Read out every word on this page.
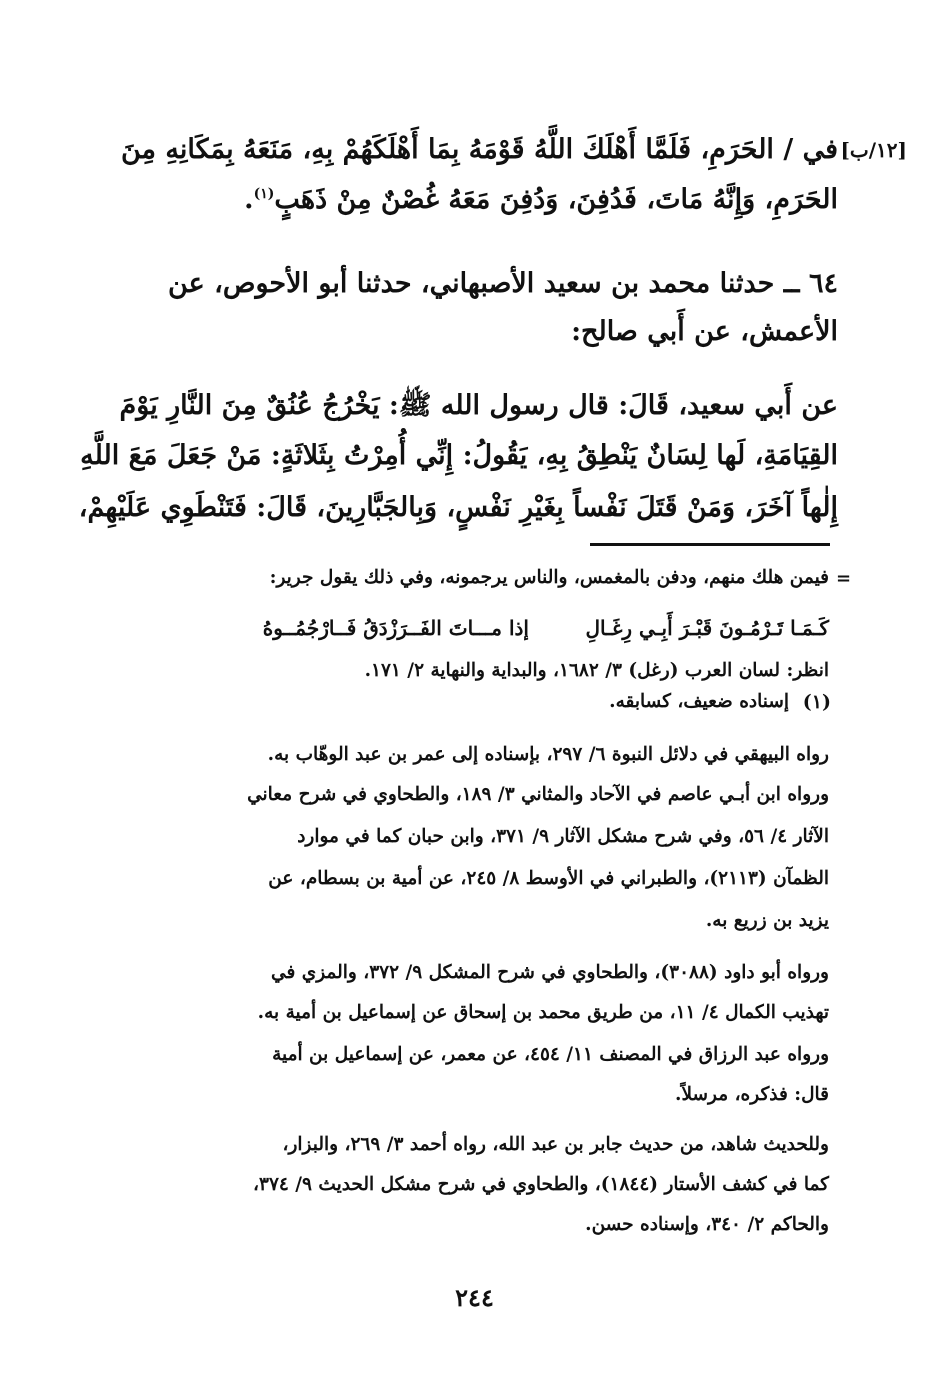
[١٢/ب]
في / الحَرَمِ، فَلَمَّا أَهْلَكَ اللَّهُ قَوْمَهُ بِمَا أَهْلَكَهُمْ بِهِ، مَنَعَهُ بِمَكَانِهِ مِنَ
الحَرَمِ، وَإِنَّهُ مَاتَ، فَدُفِنَ، وَدُفِنَ مَعَهُ غُصْنٌ مِنْ ذَهَبٍ$^{(١)}$.
٦٤ ــ حدثنا محمد بن سعيد الأصبهاني، حدثنا أبو الأحوص، عن
الأعمش، عن أَبي صالح:
عن أَبي سعيد، قَالَ: قال رسول الله ﷺ: يَخْرُجُ عُنُقٌ مِنَ النَّارِ يَوْمَ
القِيَامَةِ، لَها لِسَانٌ يَنْطِقُ بِهِ، يَقُولُ: إِنِّي أُمِرْتُ بِثَلاثَةٍ: مَنْ جَعَلَ مَعَ اللَّهِ
إِلٰهاً آخَرَ، وَمَنْ قَتَلَ نَفْساً بِغَيْرِ نَفْسٍ، وَبِالجَبَّارِينَ، قَالَ: فَتَنْطَوِي عَلَيْهِمْ،
=
فيمن هلك منهم، ودفن بالمغمس، والناس يرجمونه، وفي ذلك يقول جرير:
إذا مـــاتَ الفَــرَزْدَقُ فَــارْجُمُــوهُ	كَـمَـا تَـرْمُـونَ قَبْـرَ أَبِـي رِغَـالِ
انظر: لسان العرب (رغل) ٣/ ١٦٨٢، والبداية والنهاية ٢/ ١٧١.
(١)
إسناده ضعيف، كسابقه.
رواه البيهقي في دلائل النبوة ٦/ ٢٩٧، بإسناده إلى عمر بن عبد الوهّاب به.
ورواه ابن أبـي عاصم في الآحاد والمثاني ٣/ ١٨٩، والطحاوي في شرح معاني
الآثار ٤/ ٥٦، وفي شرح مشكل الآثار ٩/ ٣٧١، وابن حبان كما في موارد
الظمآن (٢١١٣)، والطبراني في الأوسط ٨/ ٢٤٥، عن أمية بن بسطام، عن
يزيد بن زريع به.
ورواه أبو داود (٣٠٨٨)، والطحاوي في شرح المشكل ٩/ ٣٧٢، والمزي في
تهذيب الكمال ٤/ ١١، من طريق محمد بن إسحاق عن إسماعيل بن أمية به.
ورواه عبد الرزاق في المصنف ١١/ ٤٥٤، عن معمر، عن إسماعيل بن أمية
قال: فذكره، مرسلاً.
وللحديث شاهد، من حديث جابر بن عبد الله، رواه أحمد ٣/ ٢٦٩، والبزار،
كما في كشف الأستار (١٨٤٤)، والطحاوي في شرح مشكل الحديث ٩/ ٣٧٤،
والحاكم ٢/ ٣٤٠، وإسناده حسن.
٢٤٤
